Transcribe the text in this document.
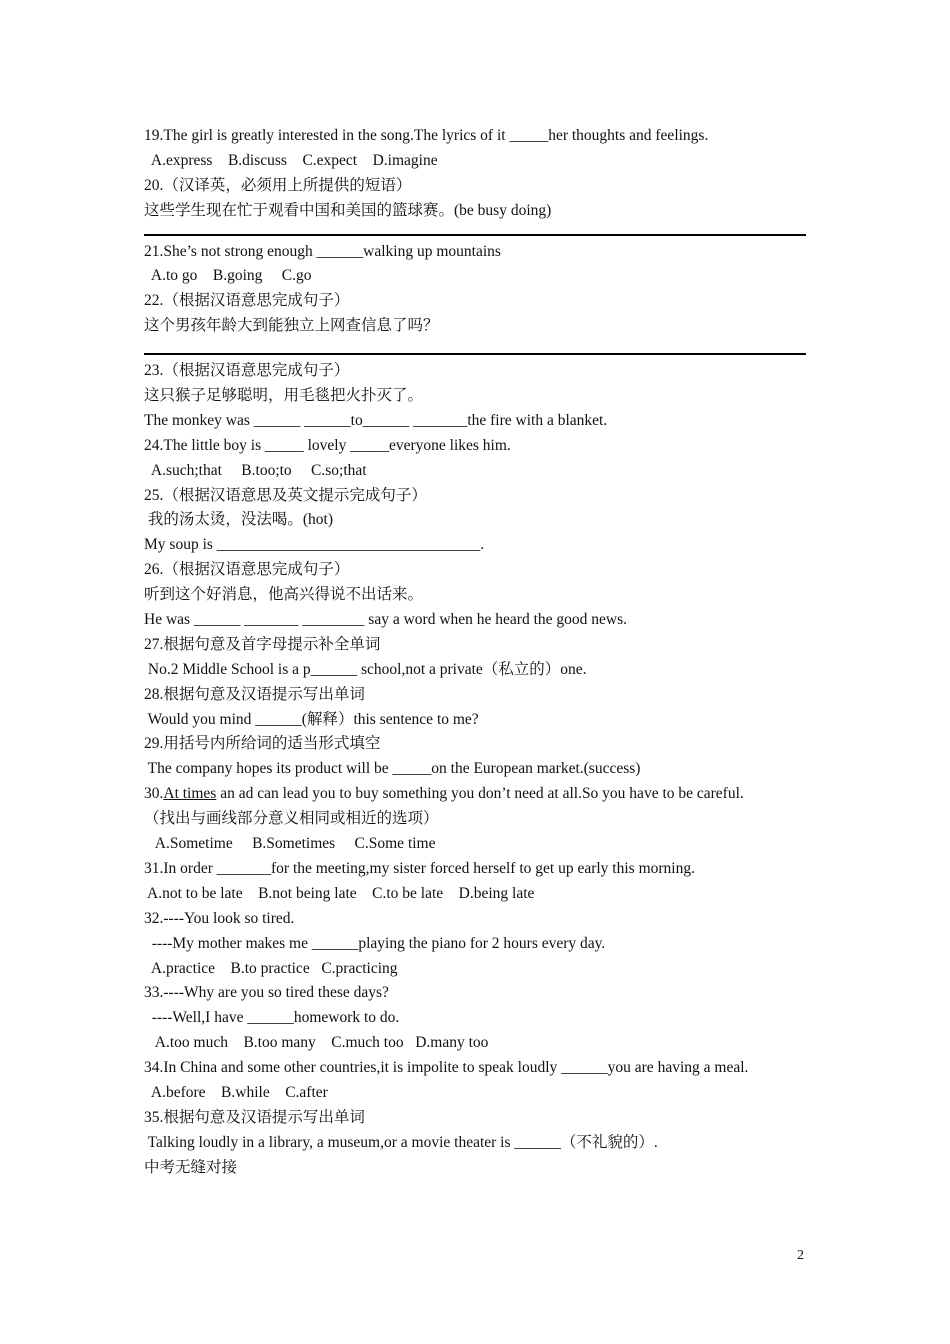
19.The girl is greatly interested in the song.The lyrics of it _____her thoughts and feelings.
A.express    B.discuss    C.expect    D.imagine
20.（汉译英，必须用上所提供的短语）
这些学生现在忙于观看中国和美国的篮球赛。(be busy doing)
21.She’s not strong enough ______walking up mountains
A.to go    B.going     C.go
22.（根据汉语意思完成句子）
这个男孩年龄大到能独立上网查信息了吗？
23.（根据汉语意思完成句子）
这只猴子足够聪明，用毛毯把火扑灭了。
The monkey was ______ ______to______ _______the fire with a blanket.
24.The little boy is _____ lovely _____everyone likes him.
A.such;that     B.too;to     C.so;that
25.（根据汉语意思及英文提示完成句子）
我的汤太烫，没法喝。(hot)
My soup is __________________________________.
26.（根据汉语意思完成句子）
听到这个好消息，他高兴得说不出话来。
He was ______ _______ ________ say a word when he heard the good news.
27.根据句意及首字母提示补全单词
No.2 Middle School is a p______ school,not a private（私立的）one.
28.根据句意及汉语提示写出单词
Would you mind ______(解释）this sentence to me?
29.用括号内所给词的适当形式填空
The company hopes its product will be _____on the European market.(success)
30.At times an ad can lead you to buy something you don’t need at all.So you have to be careful.
（找出与画线部分意义相同或相近的选项）
A.Sometime     B.Sometimes     C.Some time
31.In order _______for the meeting,my sister forced herself to get up early this morning.
A.not to be late    B.not being late    C.to be late    D.being late
32.----You look so tired.
----My mother makes me ______playing the piano for 2 hours every day.
A.practice    B.to practice   C.practicing
33.----Why are you so tired these days?
----Well,I have ______homework to do.
A.too much    B.too many    C.much too   D.many too
34.In China and some other countries,it is impolite to speak loudly ______you are having a meal.
A.before    B.while    C.after
35.根据句意及汉语提示写出单词
Talking loudly in a library, a museum,or a movie theater is ______（不礼貌的）.
中考无缝对接
2
